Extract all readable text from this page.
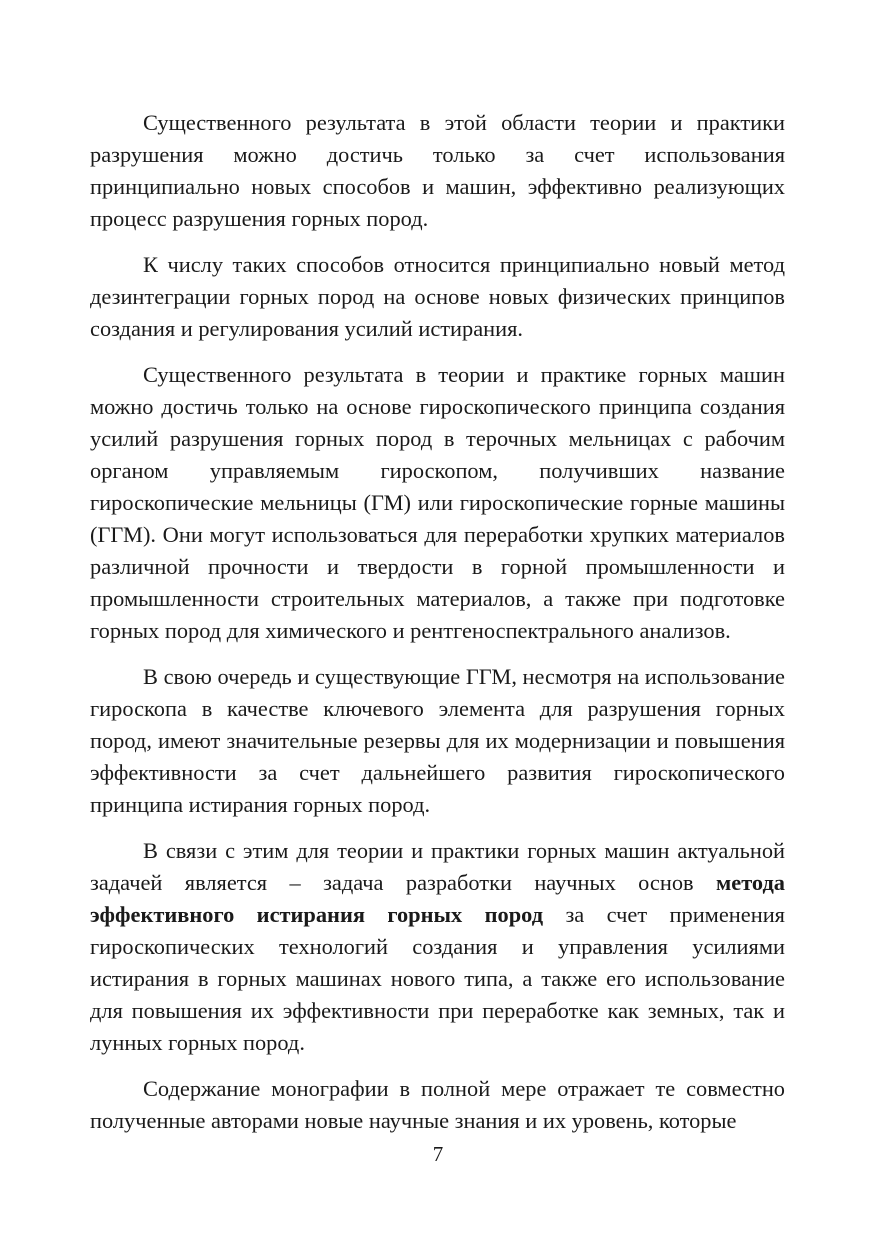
Существенного результата в этой области теории и практики разрушения можно достичь только за счет использования принципиально новых способов и машин, эффективно реализующих процесс разрушения горных пород.

К числу таких способов относится принципиально новый метод дезинтеграции горных пород на основе новых физических принципов создания и регулирования усилий истирания.

Существенного результата в теории и практике горных машин можно достичь только на основе гироскопического принципа создания усилий разрушения горных пород в терочных мельницах с рабочим органом управляемым гироскопом, получивших название гироскопические мельницы (ГМ) или гироскопические горные машины (ГГМ). Они могут использоваться для переработки хрупких материалов различной прочности и твердости в горной промышленности и промышленности строительных материалов, а также при подготовке горных пород для химического и рентгеноспектрального анализов.

В свою очередь и существующие ГГМ, несмотря на использование гироскопа в качестве ключевого элемента для разрушения горных пород, имеют значительные резервы для их модернизации и повышения эффективности за счет дальнейшего развития гироскопического принципа истирания горных пород.

В связи с этим для теории и практики горных машин актуальной задачей является – задача разработки научных основ метода эффективного истирания горных пород за счет применения гироскопических технологий создания и управления усилиями истирания в горных машинах нового типа, а также его использование для повышения их эффективности при переработке как земных, так и лунных горных пород.

Содержание монографии в полной мере отражает те совместно полученные авторами новые научные знания и их уровень, которые

7
